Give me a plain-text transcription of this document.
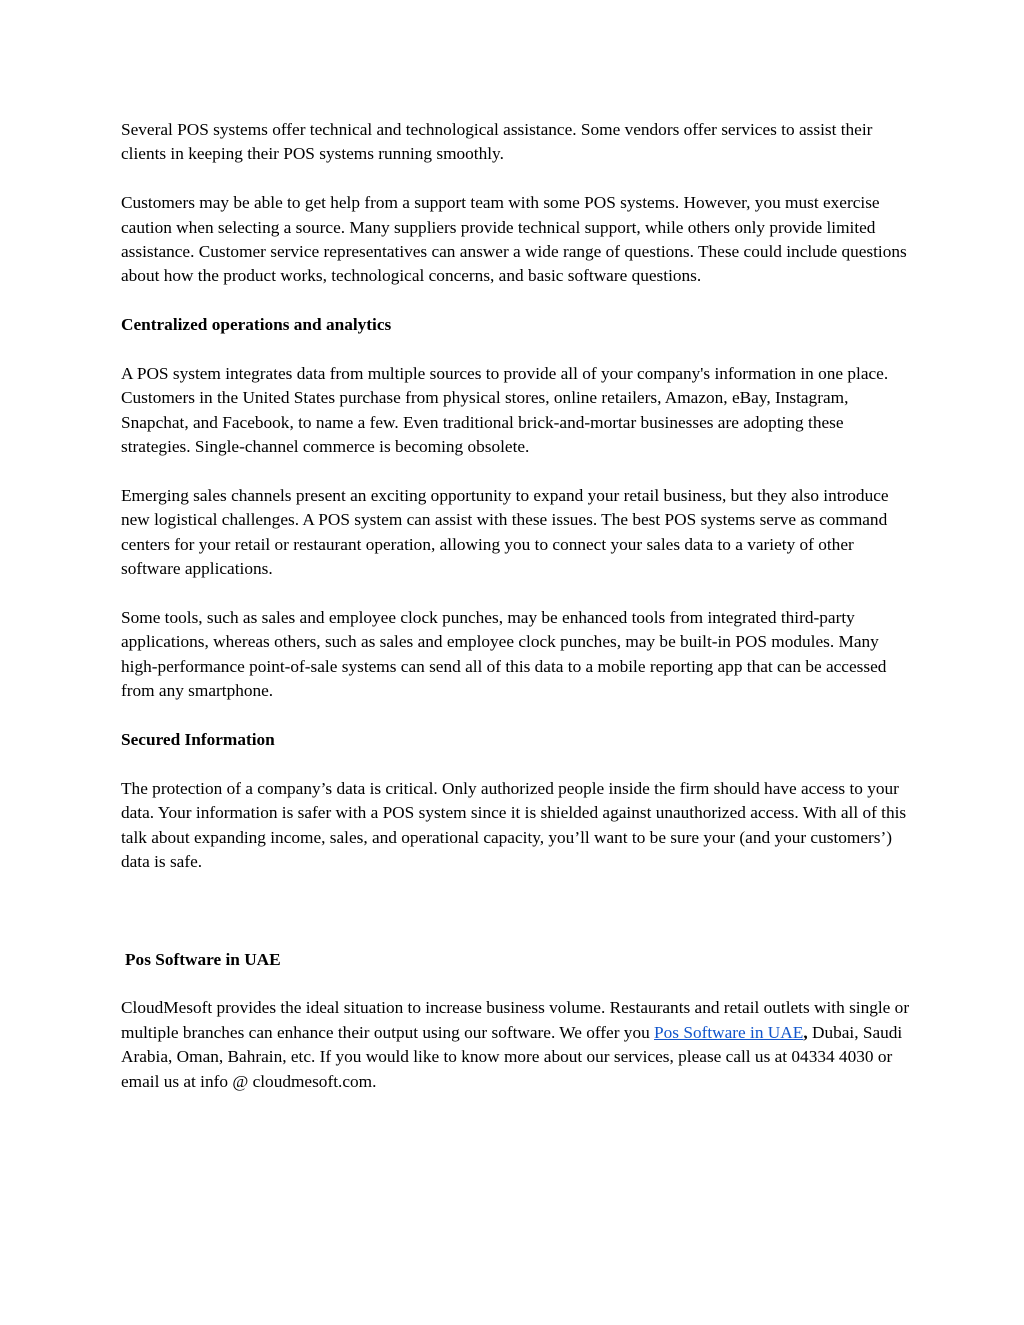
Several POS systems offer technical and technological assistance. Some vendors offer services to assist their clients in keeping their POS systems running smoothly.

Customers may be able to get help from a support team with some POS systems. However, you must exercise caution when selecting a source. Many suppliers provide technical support, while others only provide limited assistance. Customer service representatives can answer a wide range of questions. These could include questions about how the product works, technological concerns, and basic software questions.

Centralized operations and analytics

A POS system integrates data from multiple sources to provide all of your company's information in one place. Customers in the United States purchase from physical stores, online retailers, Amazon, eBay, Instagram, Snapchat, and Facebook, to name a few. Even traditional brick-and-mortar businesses are adopting these strategies. Single-channel commerce is becoming obsolete.

Emerging sales channels present an exciting opportunity to expand your retail business, but they also introduce new logistical challenges. A POS system can assist with these issues. The best POS systems serve as command centers for your retail or restaurant operation, allowing you to connect your sales data to a variety of other software applications.

Some tools, such as sales and employee clock punches, may be enhanced tools from integrated third-party applications, whereas others, such as sales and employee clock punches, may be built-in POS modules. Many high-performance point-of-sale systems can send all of this data to a mobile reporting app that can be accessed from any smartphone.

Secured Information

The protection of a company’s data is critical. Only authorized people inside the firm should have access to your data. Your information is safer with a POS system since it is shielded against unauthorized access. With all of this talk about expanding income, sales, and operational capacity, you’ll want to be sure your (and your customers’) data is safe.

Pos Software in UAE

CloudMesoft provides the ideal situation to increase business volume. Restaurants and retail outlets with single or multiple branches can enhance their output using our software. We offer you Pos Software in UAE, Dubai, Saudi Arabia, Oman, Bahrain, etc. If you would like to know more about our services, please call us at 04334 4030 or email us at info @ cloudmesoft.com.
